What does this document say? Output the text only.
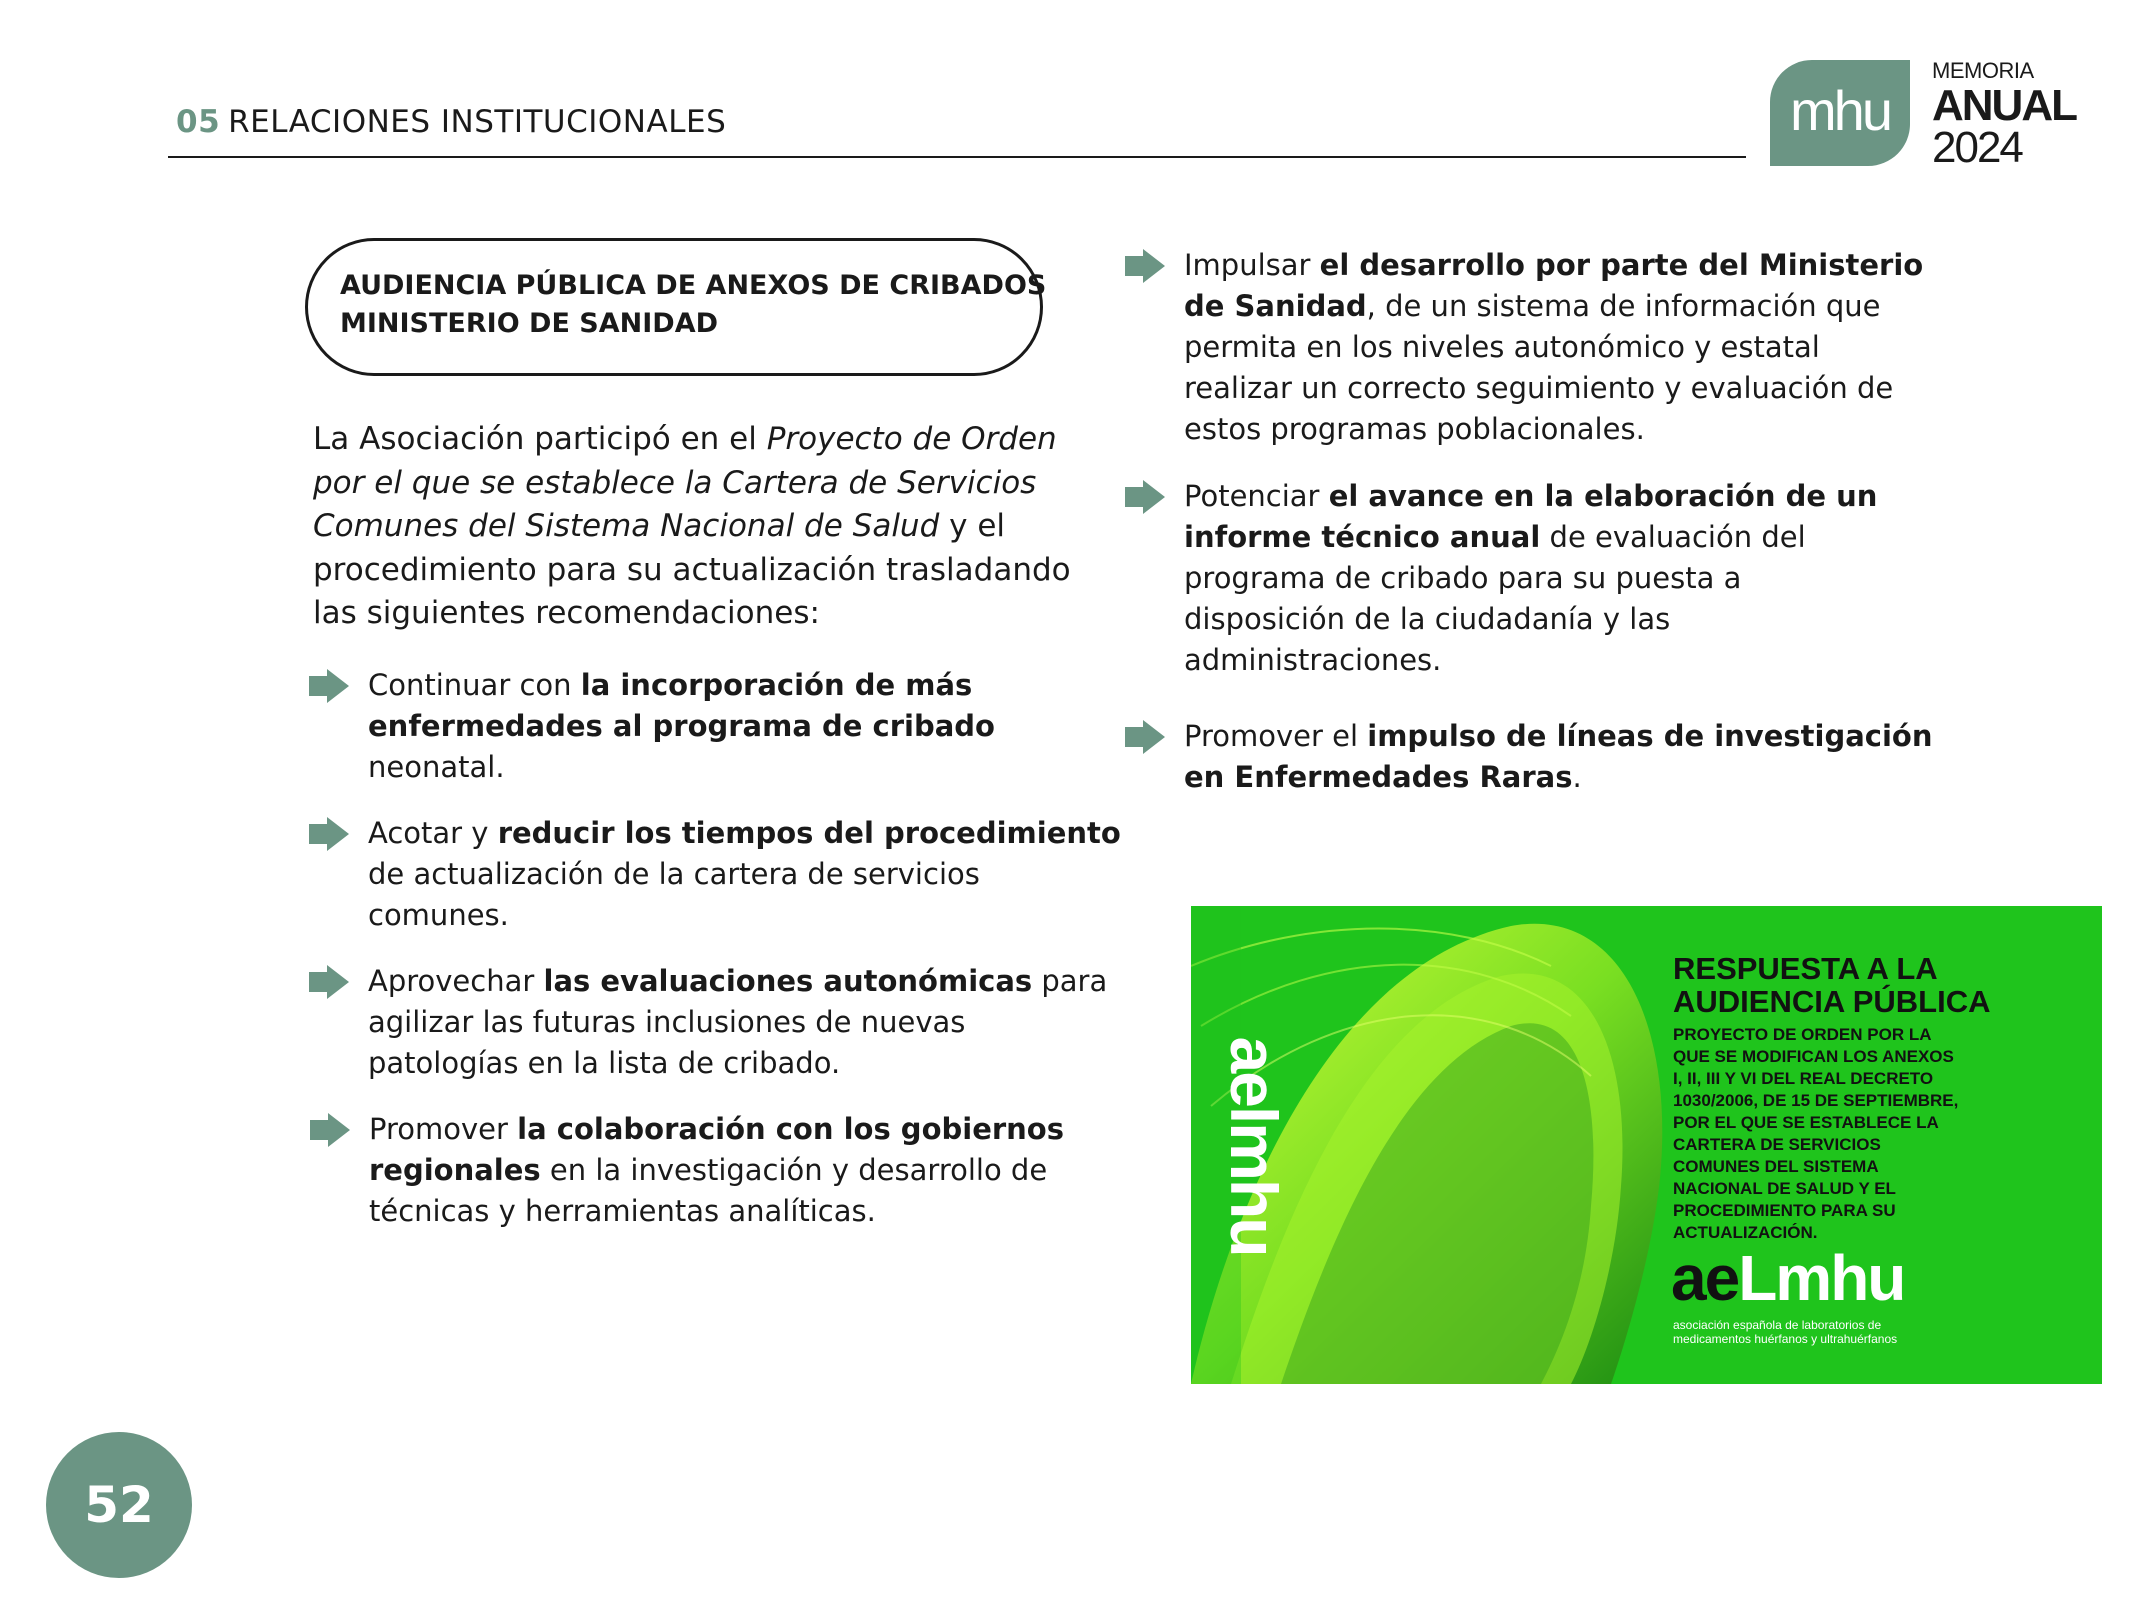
05 RELACIONES INSTITUCIONALES	mhu
MEMORIA
ANUAL
2024
AUDIENCIA PÚBLICA DE ANEXOS DE CRIBADOS
MINISTERIO DE SANIDAD
La Asociación participó en el Proyecto de Orden
por el que se establece la Cartera de Servicios
Comunes del Sistema Nacional de Salud y el
procedimiento para su actualización trasladando
las siguientes recomendaciones:
Continuar con la incorporación de más
enfermedades al programa de cribado
neonatal.
Acotar y reducir los tiempos del procedimiento
de actualización de la cartera de servicios
comunes.
Aprovechar las evaluaciones autonómicas para
agilizar las futuras inclusiones de nuevas
patologías en la lista de cribado.
Promover la colaboración con los gobiernos
regionales en la investigación y desarrollo de
técnicas y herramientas analíticas.
Impulsar el desarrollo por parte del Ministerio
de Sanidad, de un sistema de información que
permita en los niveles autonómico y estatal
realizar un correcto seguimiento y evaluación de
estos programas poblacionales.
Potenciar el avance en la elaboración de un
informe técnico anual de evaluación del
programa de cribado para su puesta a
disposición de la ciudadanía y las
administraciones.
Promover el impulso de líneas de investigación
en Enfermedades Raras.
aelmhu
RESPUESTA A LA
AUDIENCIA PÚBLICA
PROYECTO DE ORDEN POR LA
QUE SE MODIFICAN LOS ANEXOS
I, II, III Y VI DEL REAL DECRETO
1030/2006, DE 15 DE SEPTIEMBRE,
POR EL QUE SE ESTABLECE LA
CARTERA DE SERVICIOS
COMUNES DEL SISTEMA
NACIONAL DE SALUD Y EL
PROCEDIMIENTO PARA SU
ACTUALIZACIÓN.
aeLmhu
asociación española de laboratorios de
medicamentos huérfanos y ultrahuérfanos
52
